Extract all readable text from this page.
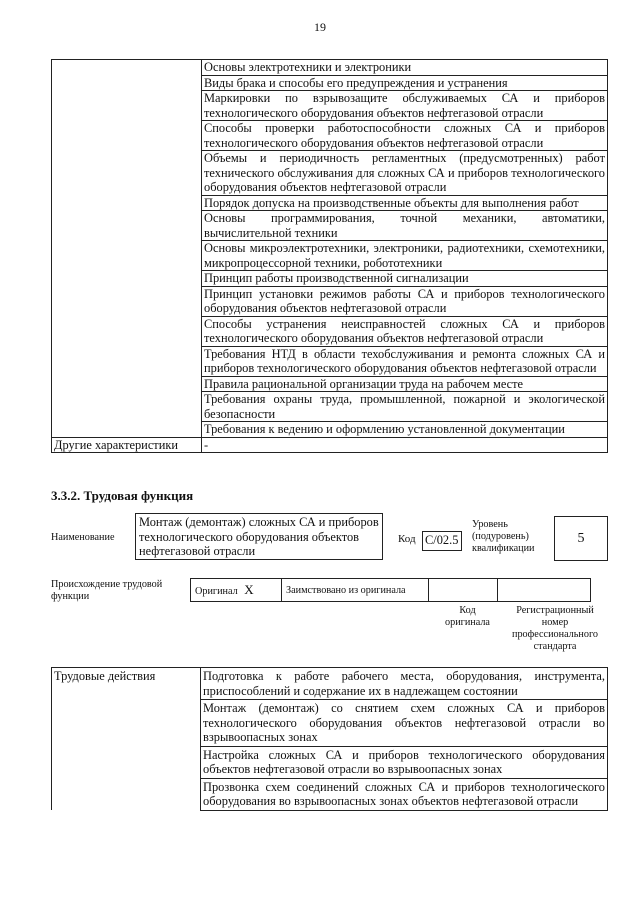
19
	Основы электротехники и электроники
	Виды брака и способы его предупреждения и устранения
	Маркировки по взрывозащите обслуживаемых СА и приборов технологического оборудования объектов нефтегазовой отрасли
	Способы проверки работоспособности сложных СА и приборов технологического оборудования объектов нефтегазовой отрасли
	Объемы и периодичность регламентных (предусмотренных) работ технического обслуживания для сложных СА и приборов технологического оборудования объектов нефтегазовой отрасли
	Порядок допуска на производственные объекты для выполнения работ
	Основы программирования, точной механики, автоматики, вычислительной техники
	Основы микроэлектротехники, электроники, радиотехники, схемотехники, микропроцессорной техники, робототехники
	Принцип работы производственной сигнализации
	Принцип установки режимов работы СА и приборов технологического оборудования объектов нефтегазовой отрасли
	Способы устранения неисправностей сложных СА и приборов технологического оборудования объектов нефтегазовой отрасли
	Требования НТД в области техобслуживания и ремонта сложных СА и приборов технологического оборудования объектов нефтегазовой отрасли
	Правила рациональной организации труда на рабочем месте
	Требования охраны труда, промышленной, пожарной и экологической безопасности
	Требования к ведению и оформлению установленной документации
Другие характеристики	-
3.3.2. Трудовая функция
Наименование
Монтаж (демонтаж) сложных СА и приборов технологического оборудования объектов нефтегазовой отрасли
Код C/02.5
Уровень (подуровень) квалификации
5
Происхождение трудовой функции	Оригинал X	Заимствовано из оригинала		
Код оригинала
Регистрационный номер профессионального стандарта
Трудовые действия	Подготовка к работе рабочего места, оборудования, инструмента, приспособлений и содержание их в надлежащем состоянии
Монтаж (демонтаж) со снятием схем сложных СА и приборов технологического оборудования объектов нефтегазовой отрасли во взрывоопасных зонах
Настройка сложных СА и приборов технологического оборудования объектов нефтегазовой отрасли во взрывоопасных зонах
Прозвонка схем соединений сложных СА и приборов технологического оборудования во взрывоопасных зонах объектов нефтегазовой отрасли
